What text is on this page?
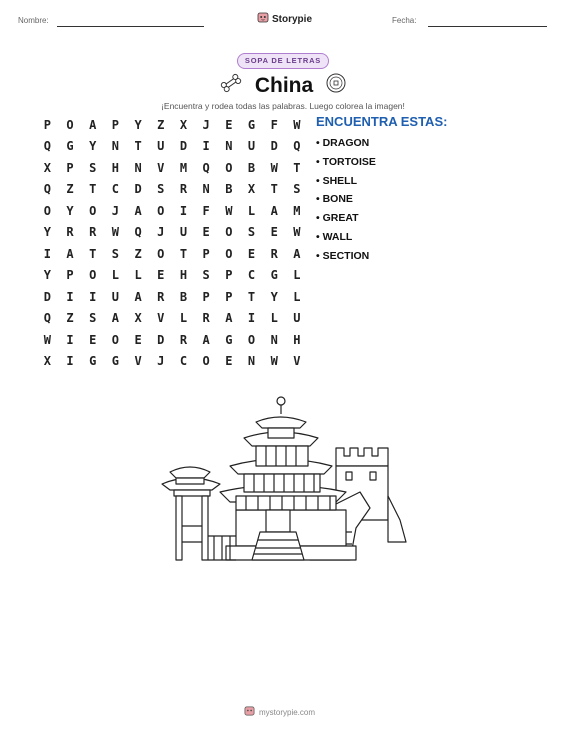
Nombre:	Fecha:
Storypie
SOPA DE LETRAS
China
¡Encuentra y rodea todas las palabras. Luego colorea la imagen!
P	O	A	P	Y	Z	X	J	E	G	F	W
Q	G	Y	N	T	U	D	I	N	U	D	Q
X	P	S	H	N	V	M	Q	O	B	W	T
Q	Z	T	C	D	S	R	N	B	X	T	S
O	Y	O	J	A	O	I	F	W	L	A	M
Y	R	R	W	Q	J	U	E	O	S	E	W
I	A	T	S	Z	O	T	P	O	E	R	A
Y	P	O	L	L	E	H	S	P	C	G	L
D	I	I	U	A	R	B	P	P	T	Y	L
Q	Z	S	A	X	V	L	R	A	I	L	U
W	I	E	O	E	D	R	A	G	O	N	H
X	I	G	G	V	J	C	O	E	N	W	V
ENCUENTRA ESTAS:
• DRAGON
• TORTOISE
• SHELL
• BONE
• GREAT
• WALL
• SECTION
mystorypie.com
